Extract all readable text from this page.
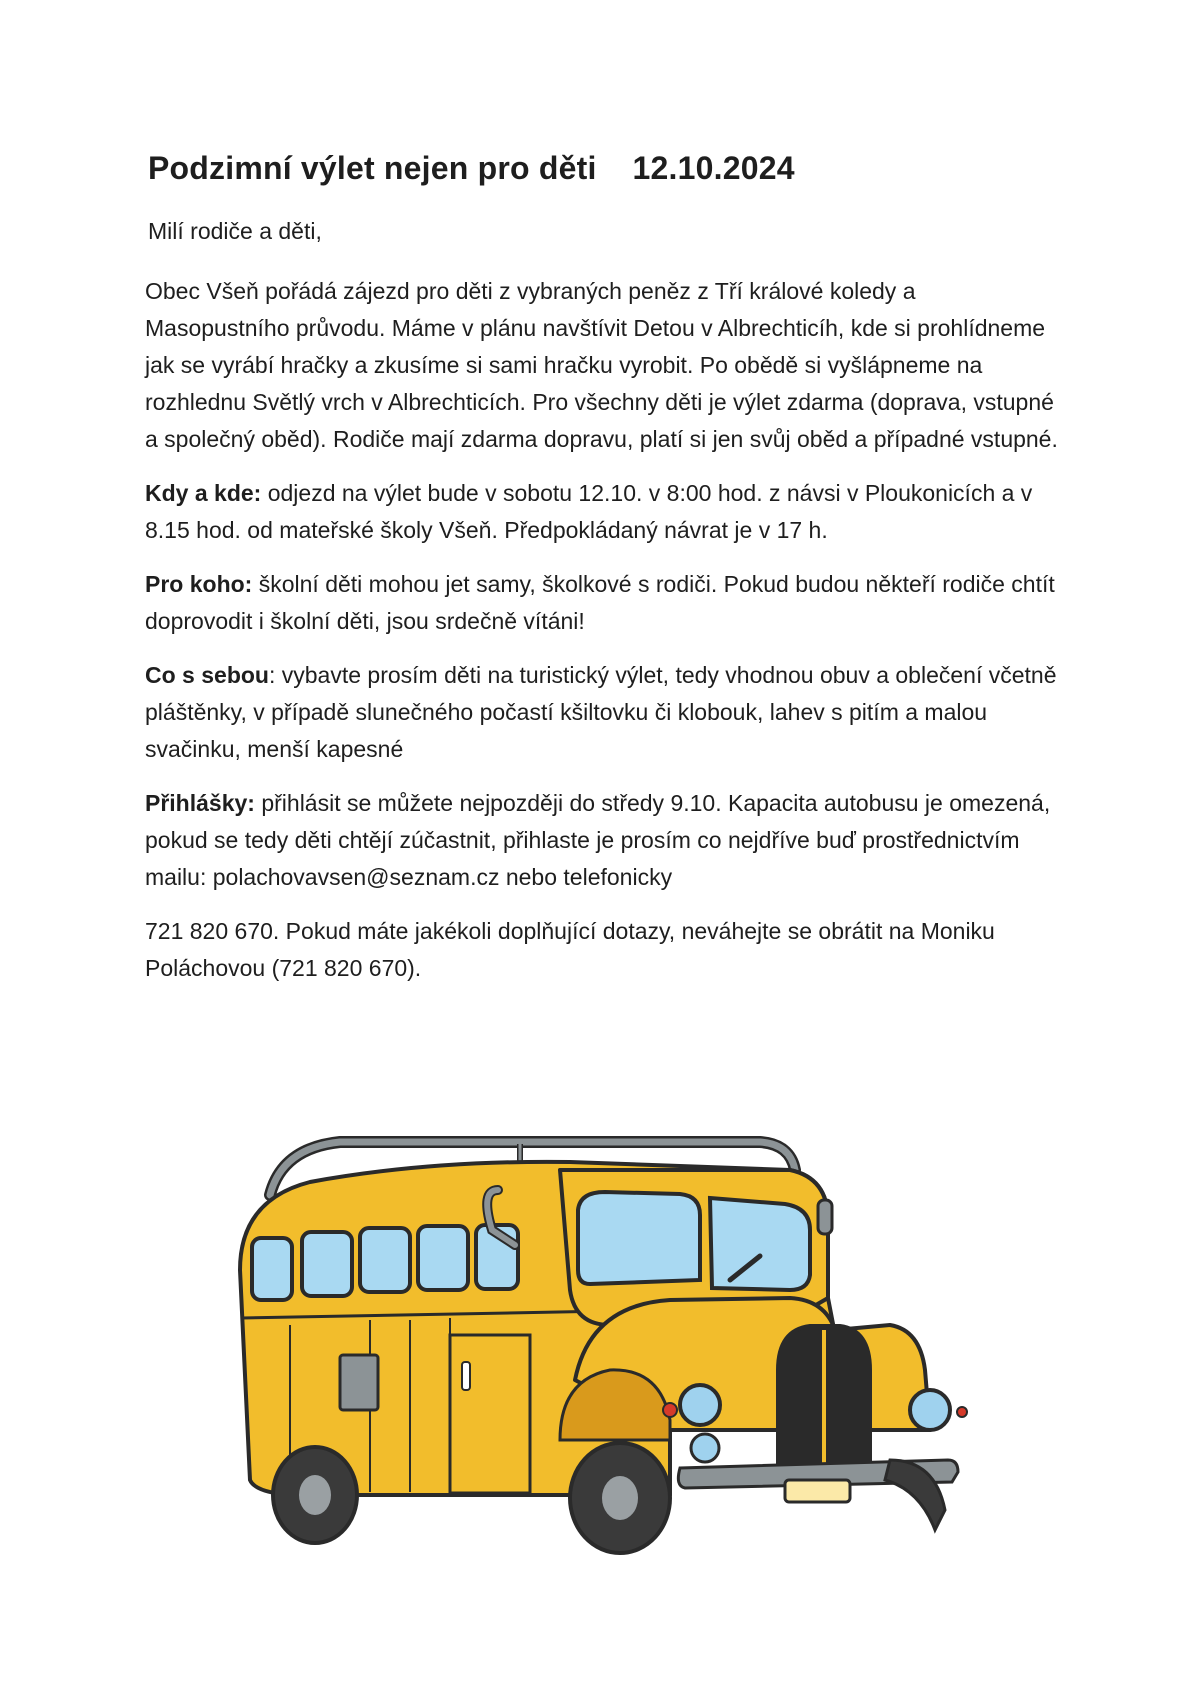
Podzimní výlet nejen pro děti 12.10.2024

Milí rodiče a děti,

Obec Všeň pořádá zájezd pro děti z vybraných peněz z Tří králové koledy a Masopustního průvodu. Máme v plánu navštívit Detou v Albrechticíh, kde si prohlídneme jak se vyrábí hračky a zkusíme si sami hračku vyrobit. Po obědě si vyšlápneme na rozhlednu Světlý vrch v Albrechticích. Pro všechny děti je výlet zdarma (doprava, vstupné a společný oběd). Rodiče mají zdarma dopravu, platí si jen svůj oběd a případné vstupné.

Kdy a kde: odjezd na výlet bude v sobotu 12.10. v 8:00 hod. z návsi v Ploukonicích a v 8.15 hod. od mateřské školy Všeň. Předpokládaný návrat je v 17 h.

Pro koho: školní děti mohou jet samy, školkové s rodiči. Pokud budou někteří rodiče chtít doprovodit i školní děti, jsou srdečně vítáni!

Co s sebou: vybavte prosím děti na turistický výlet, tedy vhodnou obuv a oblečení včetně pláštěnky, v případě slunečného počastí kšiltovku či klobouk, lahev s pitím a malou svačinku, menší kapesné

Přihlášky: přihlásit se můžete nejpozději do středy 9.10. Kapacita autobusu je omezená, pokud se tedy děti chtějí zúčastnit, přihlaste je prosím co nejdříve buď prostřednictvím mailu: polachovavsen@seznam.cz nebo telefonicky

721 820 670. Pokud máte jakékoli doplňující dotazy, neváhejte se obrátit na Moniku Poláchovou (721 820 670).
